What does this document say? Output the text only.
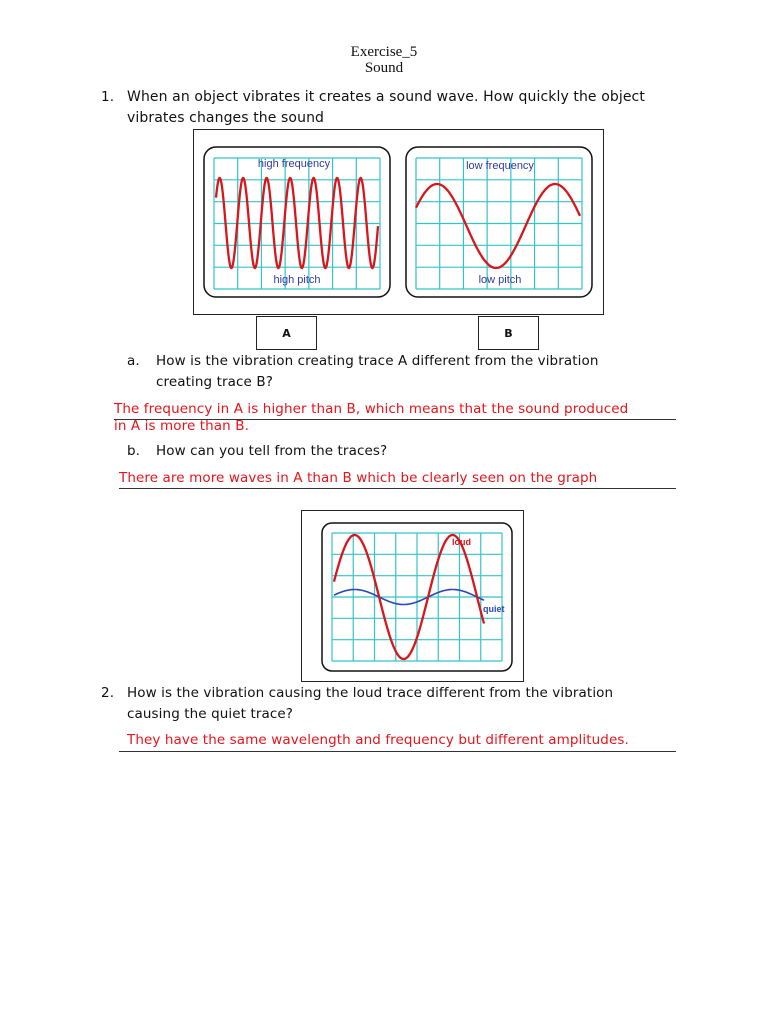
Exercise_5
Sound
1. When an object vibrates it creates a sound wave. How quickly the object
vibrates changes the sound
high frequency
high pitch
low frequency
low pitch
A	B
a. How is the vibration creating trace A different from the vibration
creating trace B?
The frequency in A is higher than B, which means that the sound produced
in A is more than B.
b. How can you tell from the traces?
There are more waves in A than B which be clearly seen on the graph
loud
quiet
2. How is the vibration causing the loud trace different from the vibration
causing the quiet trace?
They have the same wavelength and frequency but different amplitudes.
